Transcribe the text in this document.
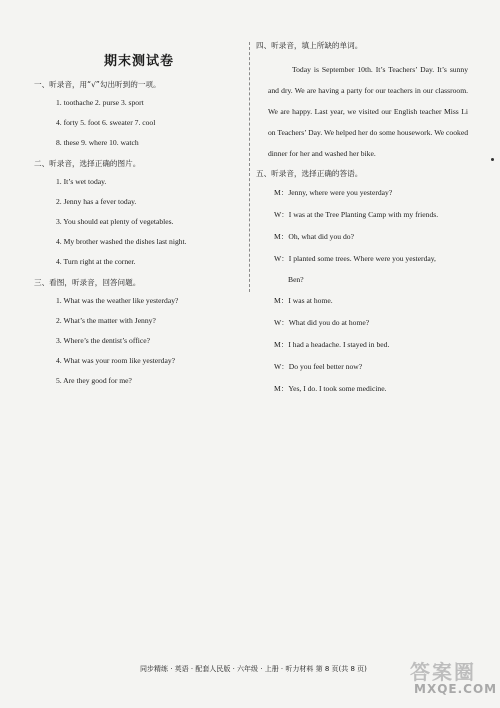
期末测试卷
一、听录音，用“√”勾出听到的一项。
1. toothache 2. purse 3. sport
4. forty 5. foot 6. sweater 7. cool
8. these 9. where 10. watch
二、听录音，选择正确的图片。
1. It’s wet today.
2. Jenny has a fever today.
3. You should eat plenty of vegetables.
4. My brother washed the dishes last night.
4. Turn right at the corner.
三、看图，听录音，回答问题。
1. What was the weather like yesterday?
2. What’s the matter with Jenny?
3. Where’s the dentist’s office?
4. What was your room like yesterday?
5. Are they good for me?
四、听录音，填上所缺的单词。
Today is September 10th. It’s Teachers’ Day. It’s sunny and dry. We are having a party for our teachers in our classroom. We are happy. Last year, we visited our English teacher Miss Li on Teachers’ Day. We helped her do some housework. We cooked dinner for her and washed her bike.
五、听录音，选择正确的答语。
M：Jenny, where were you yesterday?
W：I was at the Tree Planting Camp with my friends.
M：Oh, what did you do?
W：I planted some trees. Where were you yesterday,
Ben?
M：I was at home.
W：What did you do at home?
M：I had a headache. I stayed in bed.
W：Do you feel better now?
M：Yes, I do. I took some medicine.
同步精练 · 英语 · 配套人民版 · 六年级 · 上册 · 听力材料 第 8 页(共 8 页) 答案圈
MXQE.COM
